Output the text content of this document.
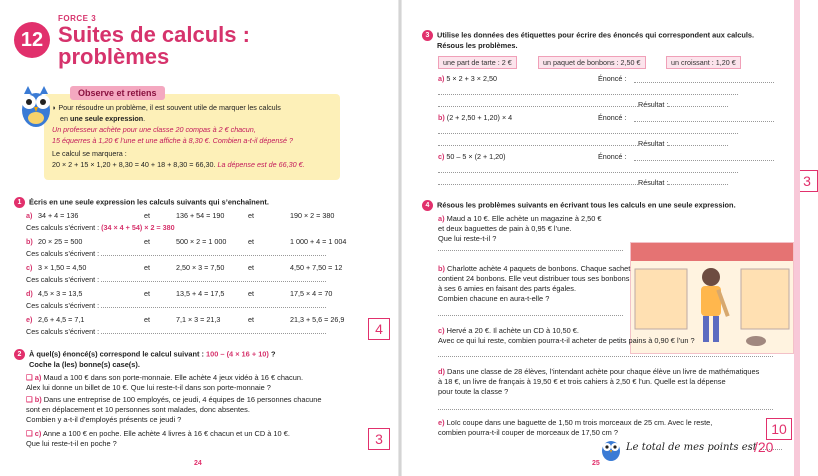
FORCE 3
12 Suites de calculs :
problèmes
Observe et retiens
◗ Pour résoudre un problème, il est souvent utile de marquer les calculs
en une seule expression.
Un professeur achète pour une classe 20 compas à 2 € chacun,
15 équerres à 1,20 € l’une et une affiche à 8,30 €. Combien a-t-il dépensé ?
Le calcul se marquera :
20 × 2 + 15 × 1,20 + 8,30 = 40 + 18 + 8,30 = 66,30. La dépense est de 66,30 €.
1 Écris en une seule expression les calculs suivants qui s’enchaînent.
a) 34 + 4 = 136	et	136 + 54 = 190	et	190 × 2 = 380
Ces calculs s’écrivent : (34 × 4 + 54) × 2 = 380
b) 20 × 25 = 500	et	500 × 2 = 1 000	et	1 000 + 4 = 1 004
Ces calculs s’écrivent :
c) 3 × 1,50 = 4,50	et	2,50 × 3 = 7,50	et	4,50 + 7,50 = 12
Ces calculs s’écrivent :
d) 4,5 × 3 = 13,5	et	13,5 + 4 = 17,5	et	17,5 × 4 = 70
Ces calculs s’écrivent :
e) 2,6 + 4,5 = 7,1	et	7,1 × 3 = 21,3	et	21,3 + 5,6 = 26,9
Ces calculs s’écrivent :	4
2 À quel(s) énoncé(s) correspond le calcul suivant : 100 – (4 × 16 + 10) ?
Coche la (les) bonne(s) case(s).
❑ a) Maud a 100 € dans son porte-monnaie. Elle achète 4 jeux vidéo à 16 € chacun.
Alex lui donne un billet de 10 €. Que lui reste-t-il dans son porte-monnaie ?
❑ b) Dans une entreprise de 100 employés, ce jeudi, 4 équipes de 16 personnes chacune
sont en déplacement et 10 personnes sont malades, donc absentes.
Combien y a-t-il d’employés présents ce jeudi ?
❑ c) Anne a 100 € en poche. Elle achète 4 livres à 16 € chacun et un CD à 10 €.
Que lui reste-t-il en poche ?	3
24
3 Utilise les données des étiquettes pour écrire des énoncés qui correspondent aux calculs.
Résous les problèmes.
une part de tarte : 2 €	un paquet de bonbons : 2,50 €	un croissant : 1,20 €
a) 5 × 2 + 3 × 2,50	Énoncé :
Résultat :
b) (2 + 2,50 + 1,20) × 4	Énoncé :
Résultat :
c) 50 – 5 × (2 + 1,20)	Énoncé :
Résultat :	3
4 Résous les problèmes suivants en écrivant tous les calculs en une seule expression.
a) Maud a 10 €. Elle achète un magazine à 2,50 €
et deux baguettes de pain à 0,95 € l’une.
Que lui reste-t-il ?
b) Charlotte achète 4 paquets de bonbons. Chaque sachet
contient 24 bonbons. Elle veut distribuer tous ses bonbons
à ses 6 amies en faisant des parts égales.
Combien chacune en aura-t-elle ?
c) Hervé a 20 €. Il achète un CD à 10,50 €.
Avec ce qui lui reste, combien pourra-t-il acheter de petits pains à 0,90 € l’un ?
d) Dans une classe de 28 élèves, l’intendant achète pour chaque élève un livre de mathématiques
à 18 €, un livre de français à 19,50 € et trois cahiers à 2,50 € l’un. Quelle est la dépense
pour toute la classe ?
e) Loïc coupe dans une baguette de 1,50 m trois morceaux de 25 cm. Avec le reste,
combien pourra-t-il couper de morceaux de 17,50 cm ?	10
Le total de mes points est
/20
25
